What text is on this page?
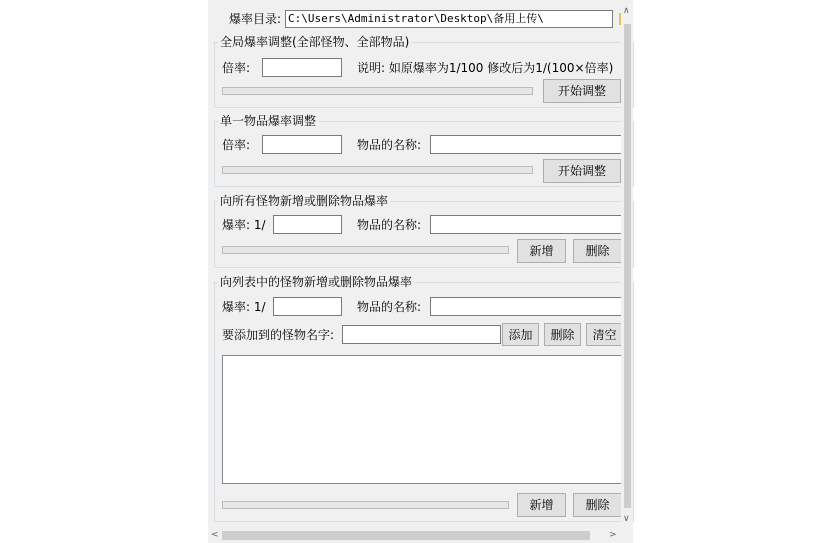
爆率目录: C:\Users\Administrator\Desktop\备用上传\
全局爆率调整(全部怪物、全部物品)
倍率:	说明: 如原爆率为1/100 修改后为1/(100×倍率)
开始调整
单一物品爆率调整
倍率:	物品的名称:
开始调整
向所有怪物新增或删除物品爆率
爆率: 1/	物品的名称:
新增	删除
向列表中的怪物新增或删除物品爆率
爆率: 1/	物品的名称:
要添加到的怪物名字:	添加	删除	清空
新增	删除
∧
∨
<	>
